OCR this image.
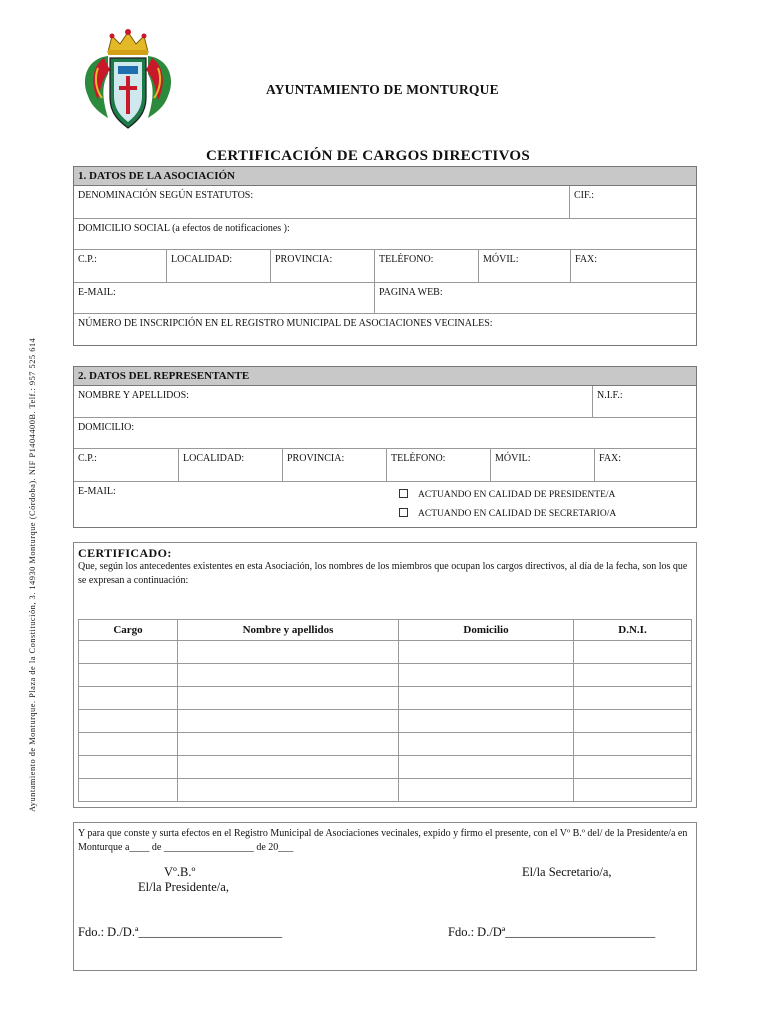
AYUNTAMIENTO DE MONTURQUE
CERTIFICACIÓN DE CARGOS DIRECTIVOS
Ayuntamiento de Monturque. Plaza de la Constitución, 3. 14930 Monturque (Córdoba). NIF P1404400B. Telf.: 957 525 614
1. DATOS DE LA ASOCIACIÓN
DENOMINACIÓN SEGÚN ESTATUTOS:	CIF.:
DOMICILIO SOCIAL (a efectos de notificaciones ):
C.P.:	LOCALIDAD:	PROVINCIA:	TELÉFONO:	MÓVIL:	FAX:
E-MAIL:	PAGINA WEB:
NÚMERO DE INSCRIPCIÓN EN EL REGISTRO MUNICIPAL DE ASOCIACIONES VECINALES:
2. DATOS DEL REPRESENTANTE
NOMBRE Y APELLIDOS:	N.I.F.:
DOMICILIO:
C.P.:	LOCALIDAD:	PROVINCIA:	TELÉFONO:	MÓVIL:	FAX:
E-MAIL:	ACTUANDO EN CALIDAD DE PRESIDENTE/A
ACTUANDO EN CALIDAD DE SECRETARIO/A
CERTIFICADO:
Que, según los antecedentes existentes en esta Asociación, los nombres de los miembros que ocupan los cargos directivos, al día de la fecha, son los que se expresan a continuación:
Cargo	Nombre y apellidos	Domicilio	D.N.I.

Y para que conste y surta efectos en el Registro Municipal de Asociaciones vecinales, expido y firmo el presente, con el Vº B.º del/ de la Presidente/a en Monturque a____ de __________________ de 20___
Vº.B.º
El/la Presidente/a,
El/la Secretario/a,
Fdo.: D./D.ª_______________________	Fdo.: D./Dª________________________
